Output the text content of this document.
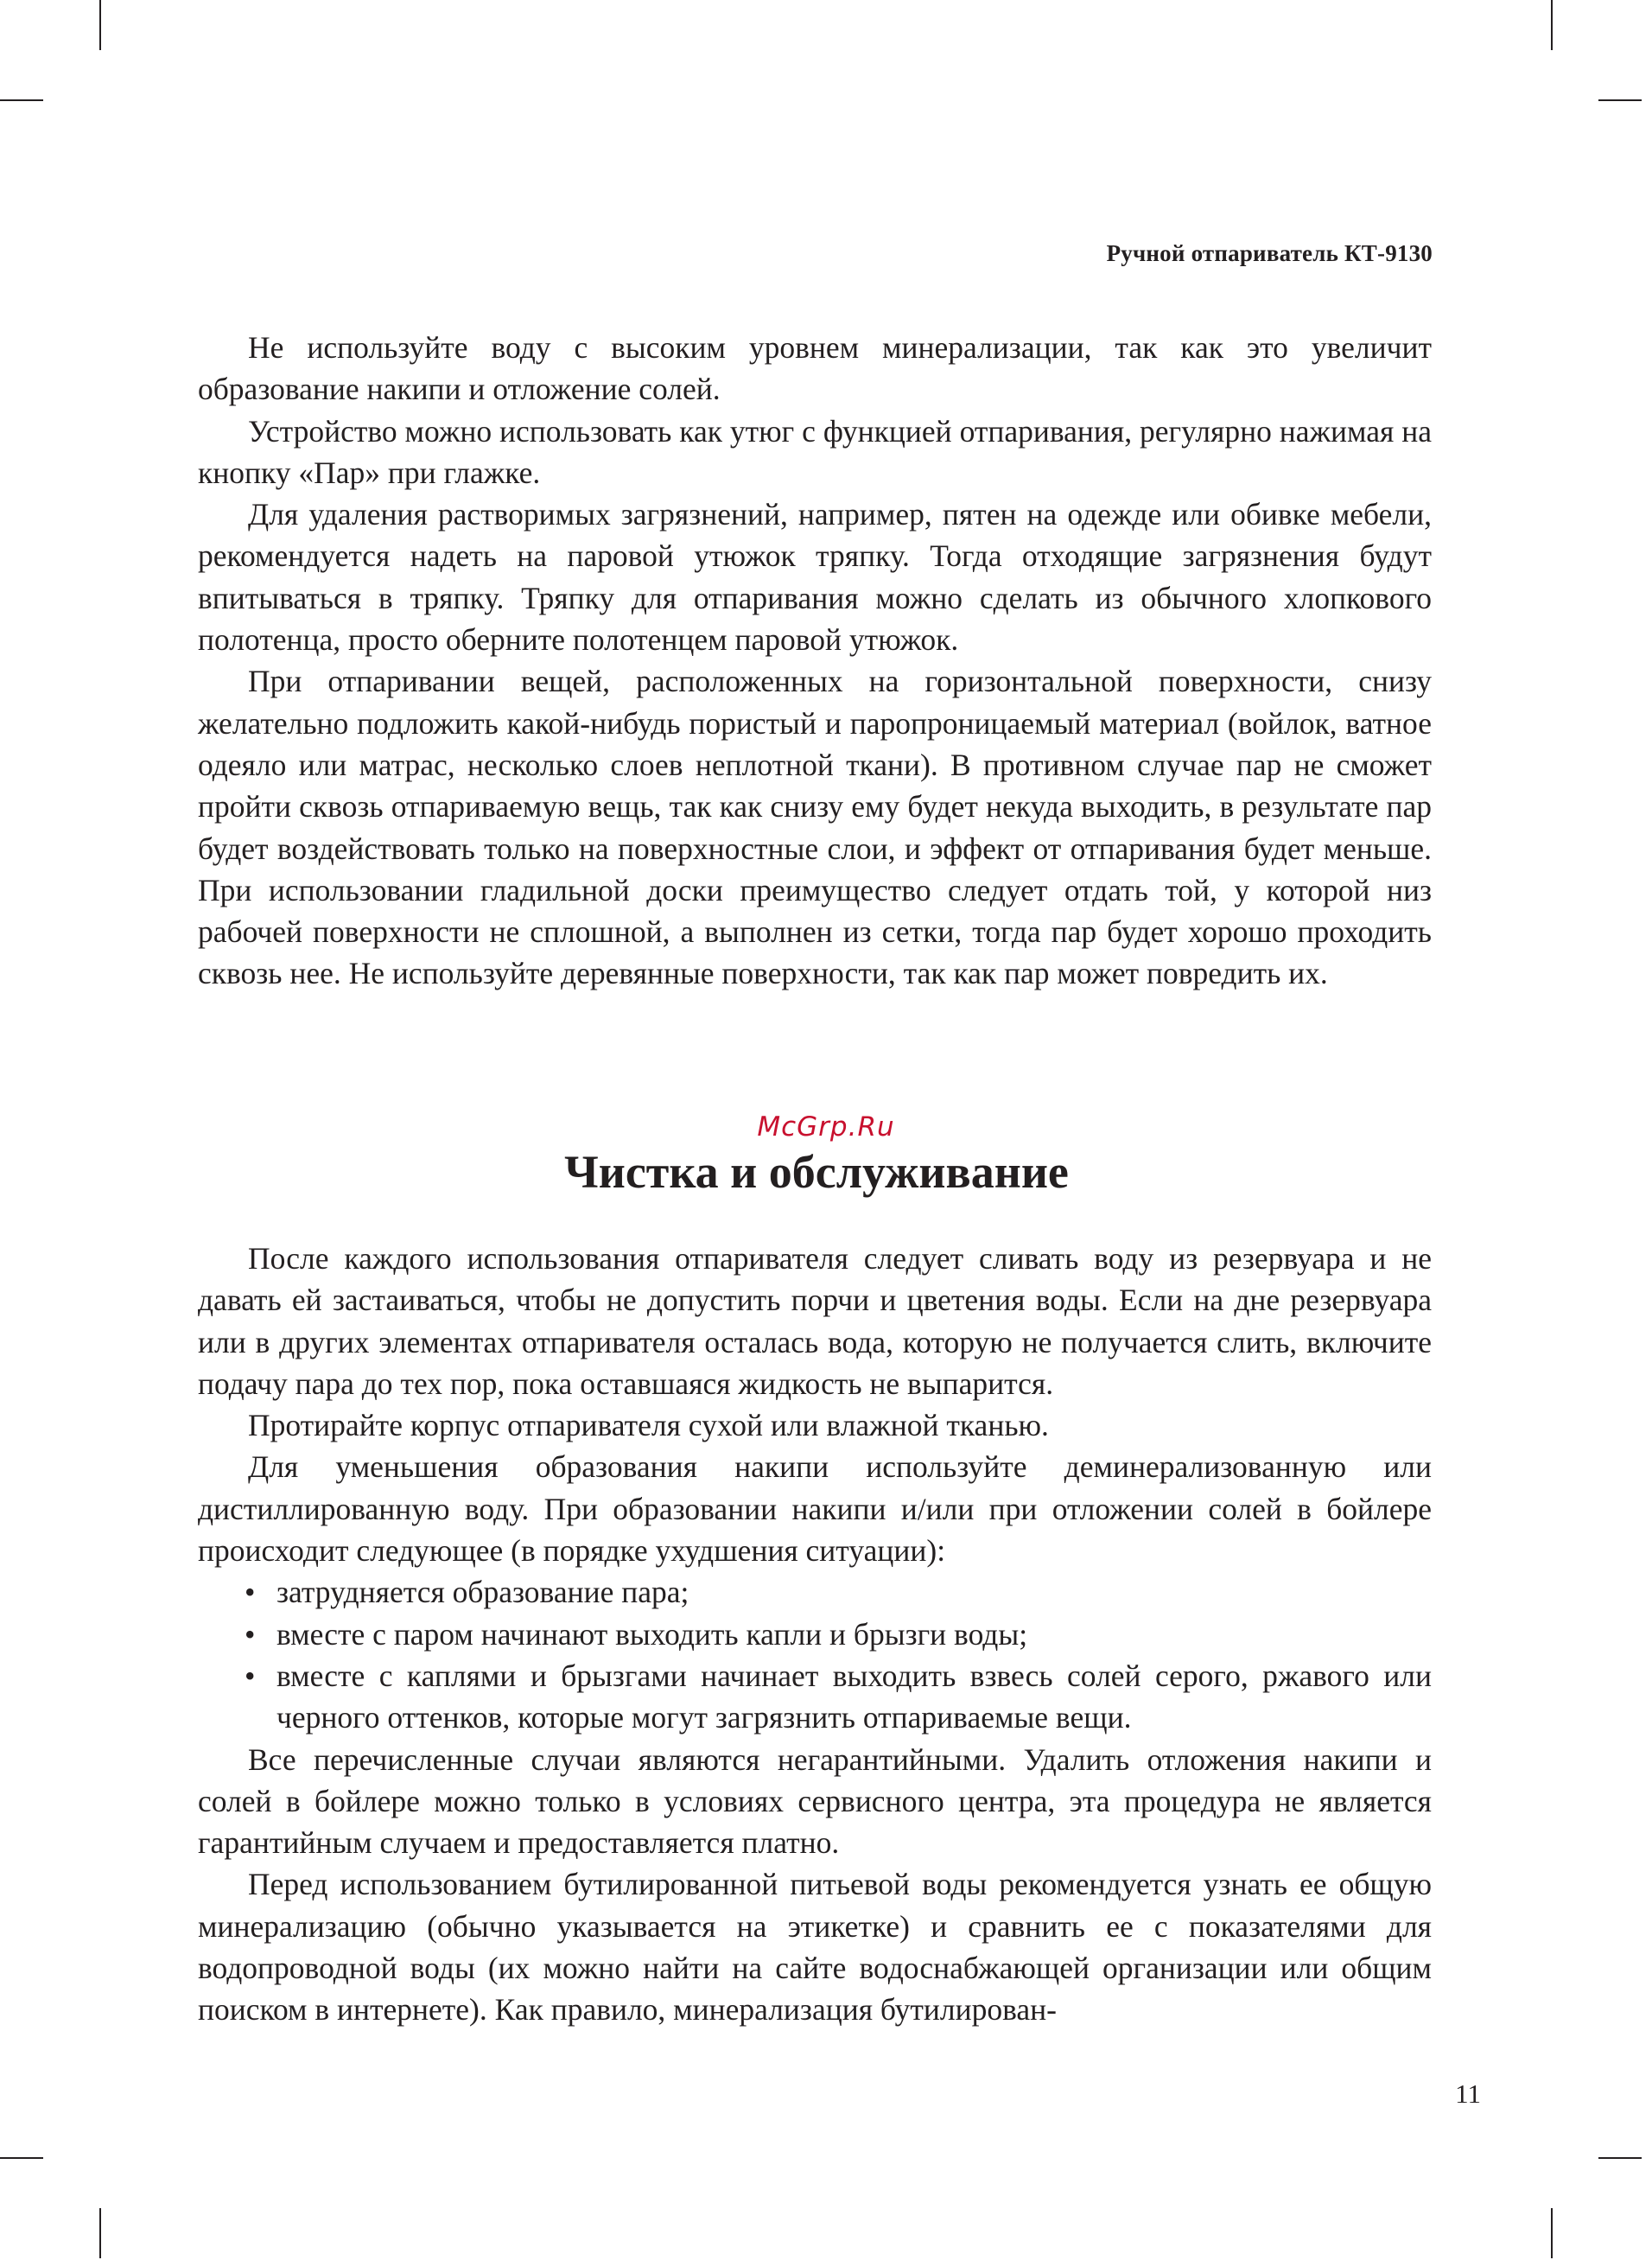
Ручной отпариватель КТ-9130

Не используйте воду с высоким уровнем минерализации, так как это увеличит образование накипи и отложение солей.

Устройство можно использовать как утюг с функцией отпаривания, регулярно нажимая на кнопку «Пар» при глажке.

Для удаления растворимых загрязнений, например, пятен на одежде или обивке мебели, рекомендуется надеть на паровой утюжок тряпку. Тогда отходящие загрязнения будут впитываться в тряпку. Тряпку для отпаривания можно сделать из обычного хлопкового полотенца, просто оберните полотенцем паровой утюжок.

При отпаривании вещей, расположенных на горизонтальной поверхности, снизу желательно подложить какой-нибудь пористый и паропроницаемый материал (войлок, ватное одеяло или матрас, несколько слоев неплотной ткани). В противном случае пар не сможет пройти сквозь отпариваемую вещь, так как снизу ему будет некуда выходить, в результате пар будет воздействовать только на поверхностные слои, и эффект от отпаривания будет меньше. При использовании гладильной доски преимущество следует отдать той, у которой низ рабочей поверхности не сплошной, а выполнен из сетки, тогда пар будет хорошо проходить сквозь нее. Не используйте деревянные поверхности, так как пар может повредить их.

McGrp.Ru
Чистка и обслуживание

После каждого использования отпаривателя следует сливать воду из резервуара и не давать ей застаиваться, чтобы не допустить порчи и цветения воды. Если на дне резервуара или в других элементах отпаривателя осталась вода, которую не получается слить, включите подачу пара до тех пор, пока оставшаяся жидкость не выпарится.

Протирайте корпус отпаривателя сухой или влажной тканью.

Для уменьшения образования накипи используйте деминерализованную или дистиллированную воду. При образовании накипи и/или при отложении солей в бойлере происходит следующее (в порядке ухудшения ситуации):

• затрудняется образование пара;
• вместе с паром начинают выходить капли и брызги воды;
• вместе с каплями и брызгами начинает выходить взвесь солей серого, ржавого или черного оттенков, которые могут загрязнить отпариваемые вещи.

Все перечисленные случаи являются негарантийными. Удалить отложения накипи и солей в бойлере можно только в условиях сервисного центра, эта процедура не является гарантийным случаем и предоставляется платно.

Перед использованием бутилированной питьевой воды рекомендуется узнать ее общую минерализацию (обычно указывается на этикетке) и сравнить ее с показателями для водопроводной воды (их можно найти на сайте водоснабжающей организации или общим поиском в интернете). Как правило, минерализация бутилирован-

11
